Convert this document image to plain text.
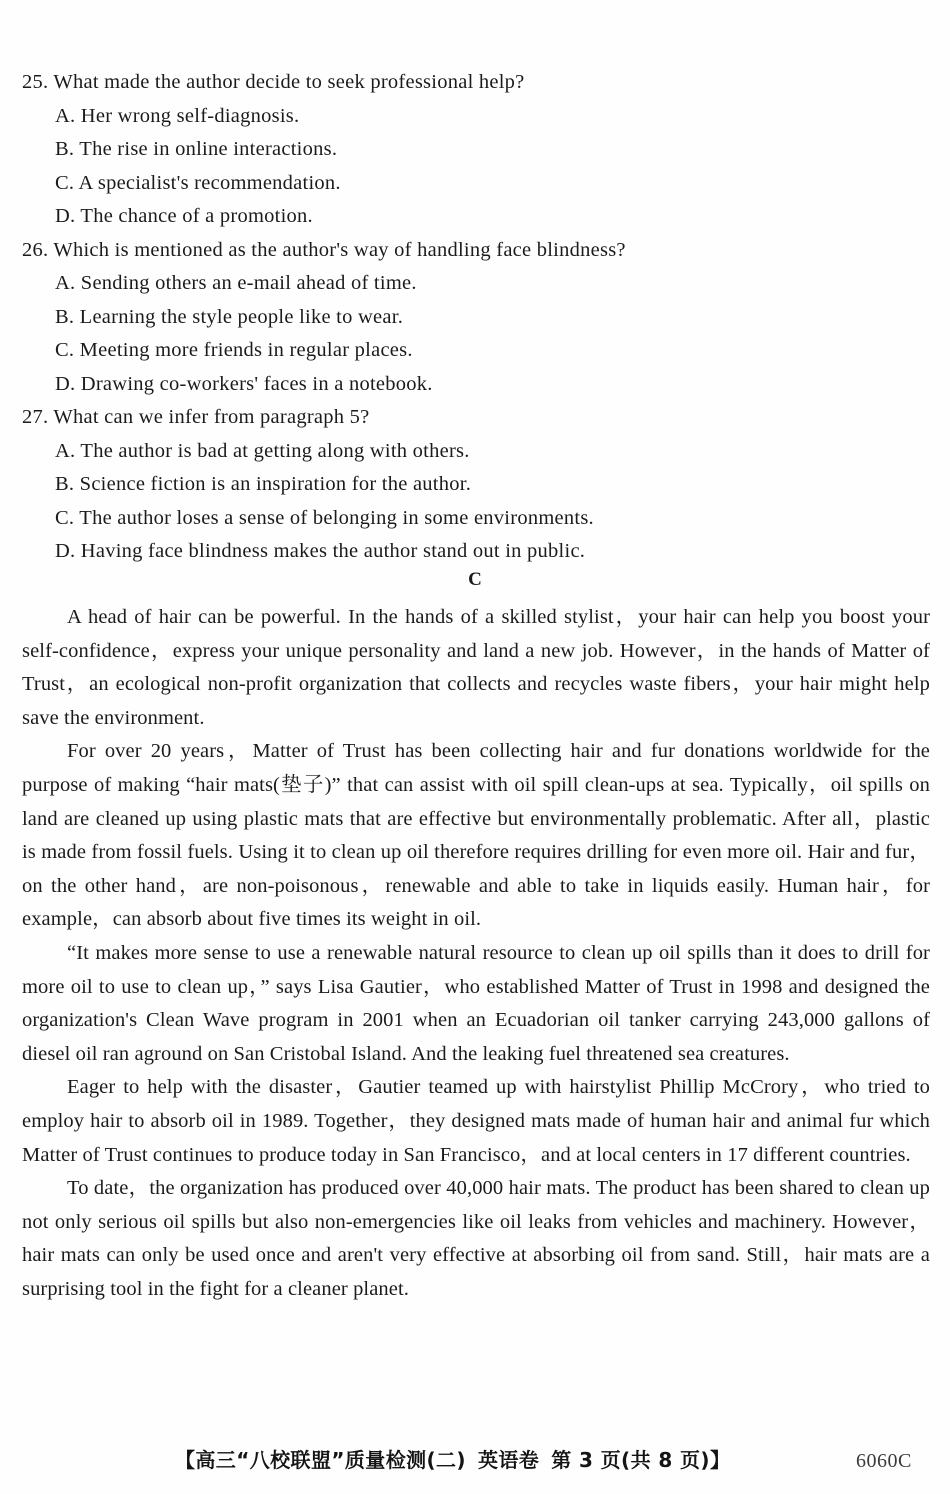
25. What made the author decide to seek professional help?
A. Her wrong self-diagnosis.
B. The rise in online interactions.
C. A specialist's recommendation.
D. The chance of a promotion.
26. Which is mentioned as the author's way of handling face blindness?
A. Sending others an e-mail ahead of time.
B. Learning the style people like to wear.
C. Meeting more friends in regular places.
D. Drawing co-workers' faces in a notebook.
27. What can we infer from paragraph 5?
A. The author is bad at getting along with others.
B. Science fiction is an inspiration for the author.
C. The author loses a sense of belonging in some environments.
D. Having face blindness makes the author stand out in public.
C

A head of hair can be powerful. In the hands of a skilled stylist，your hair can help you boost your self-confidence，express your unique personality and land a new job. However，in the hands of Matter of Trust，an ecological non-profit organization that collects and recycles waste fibers，your hair might help save the environment.

For over 20 years，Matter of Trust has been collecting hair and fur donations worldwide for the purpose of making “hair mats(垫子)” that can assist with oil spill clean-ups at sea. Typically，oil spills on land are cleaned up using plastic mats that are effective but environmentally problematic. After all，plastic is made from fossil fuels. Using it to clean up oil therefore requires drilling for even more oil. Hair and fur，on the other hand，are non-poisonous，renewable and able to take in liquids easily. Human hair，for example，can absorb about five times its weight in oil.

“It makes more sense to use a renewable natural resource to clean up oil spills than it does to drill for more oil to use to clean up，” says Lisa Gautier，who established Matter of Trust in 1998 and designed the organization's Clean Wave program in 2001 when an Ecuadorian oil tanker carrying 243,000 gallons of diesel oil ran aground on San Cristobal Island. And the leaking fuel threatened sea creatures.

Eager to help with the disaster，Gautier teamed up with hairstylist Phillip McCrory，who tried to employ hair to absorb oil in 1989. Together，they designed mats made of human hair and animal fur which Matter of Trust continues to produce today in San Francisco，and at local centers in 17 different countries.

To date，the organization has produced over 40,000 hair mats. The product has been shared to clean up not only serious oil spills but also non-emergencies like oil leaks from vehicles and machinery. However，hair mats can only be used once and aren't very effective at absorbing oil from sand. Still，hair mats are a surprising tool in the fight for a cleaner planet.

【高三“八校联盟”质量检测(二) 英语卷 第 3 页(共 8 页)】	6060C
